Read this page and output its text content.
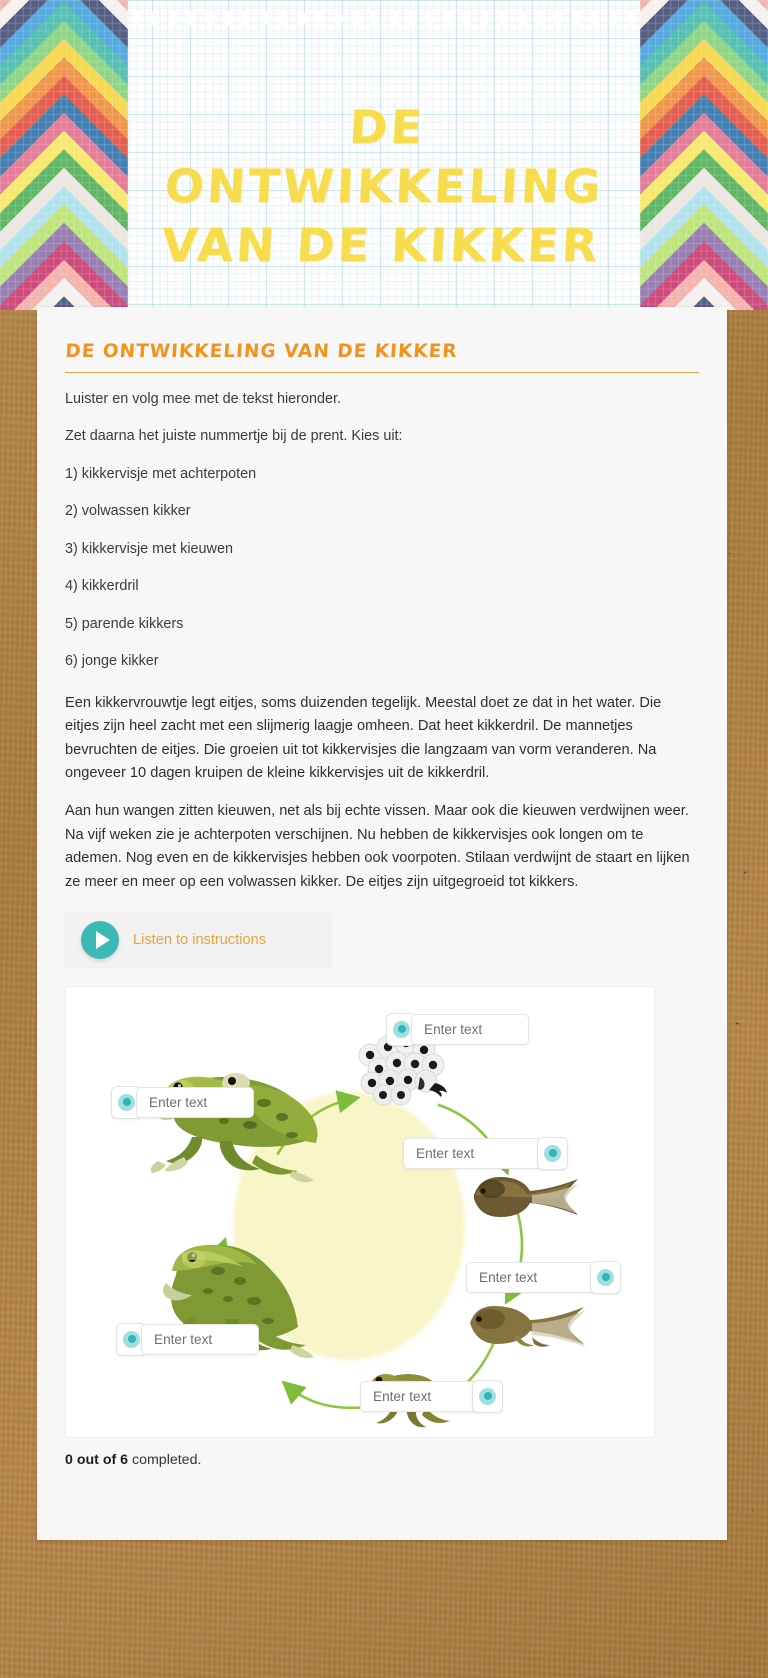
DE ONTWIKKELING VAN DE KIKKER
DE ONTWIKKELING VAN DE KIKKER
Luister en volg mee met de tekst hieronder.
Zet daarna het juiste nummertje bij de prent. Kies uit:
1) kikkervisje met achterpoten
2) volwassen kikker
3) kikkervisje met kieuwen
4) kikkerdril
5) parende kikkers
6) jonge kikker

Een kikkervrouwtje legt eitjes, soms duizenden tegelijk. Meestal doet ze dat in het water. Die eitjes zijn heel zacht met een slijmerig laagje omheen. Dat heet kikkerdril. De mannetjes bevruchten de eitjes. Die groeien uit tot kikkervisjes die langzaam van vorm veranderen. Na ongeveer 10 dagen kruipen de kleine kikkervisjes uit de kikkerdril.

Aan hun wangen zitten kieuwen, net als bij echte vissen. Maar ook die kieuwen verdwijnen weer. Na vijf weken zie je achterpoten verschijnen. Nu hebben de kikkervisjes ook longen om te ademen. Nog even en de kikkervisjes hebben ook voorpoten. Stilaan verdwijnt de staart en lijken ze meer en meer op een volwassen kikker. De eitjes zijn uitgegroeid tot kikkers.

Listen to instructions
Enter text
Enter text
Enter text
Enter text
Enter text
Enter text
0 out of 6 completed.
